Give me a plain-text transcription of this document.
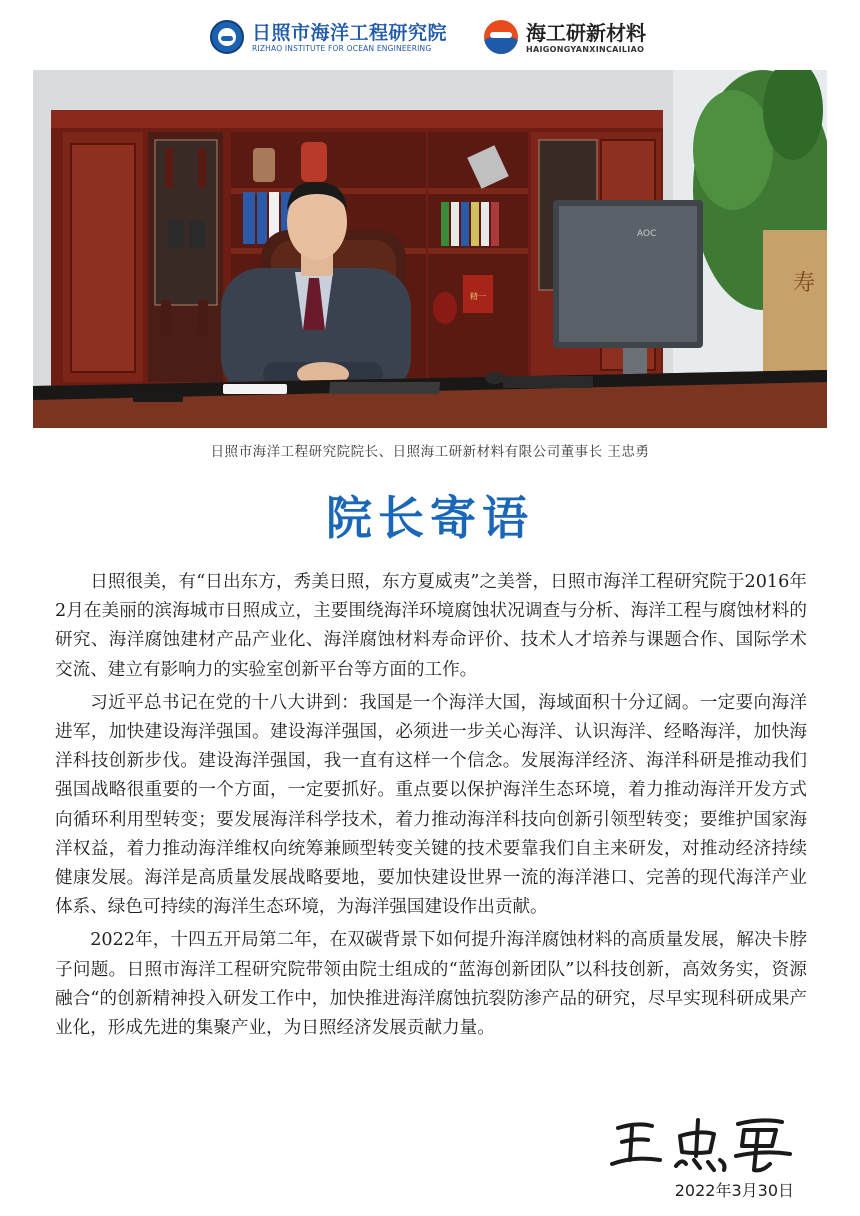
日照市海洋工程研究院
RIZHAO INSTITUTE FOR OCEAN ENGINEERING
海工研新材料
HAIGONGYANXINCAILIAO
精一
寿
AOC
日照市海洋工程研究院院长、日照海工研新材料有限公司董事长 王忠勇
院长寄语

日照很美，有“日出东方，秀美日照，东方夏威夷”之美誉，日照市海洋工程研究院于2016年2月在美丽的滨海城市日照成立，主要围绕海洋环境腐蚀状况调查与分析、海洋工程与腐蚀材料的研究、海洋腐蚀建材产品产业化、海洋腐蚀材料寿命评价、技术人才培养与课题合作、国际学术交流、建立有影响力的实验室创新平台等方面的工作。

习近平总书记在党的十八大讲到：我国是一个海洋大国，海域面积十分辽阔。一定要向海洋进军，加快建设海洋强国。建设海洋强国，必须进一步关心海洋、认识海洋、经略海洋，加快海洋科技创新步伐。建设海洋强国，我一直有这样一个信念。发展海洋经济、海洋科研是推动我们强国战略很重要的一个方面，一定要抓好。重点要以保护海洋生态环境，着力推动海洋开发方式向循环利用型转变；要发展海洋科学技术，着力推动海洋科技向创新引领型转变；要维护国家海洋权益，着力推动海洋维权向统筹兼顾型转变关键的技术要靠我们自主来研发，对推动经济持续健康发展。海洋是高质量发展战略要地，要加快建设世界一流的海洋港口、完善的现代海洋产业体系、绿色可持续的海洋生态环境，为海洋强国建设作出贡献。

2022年，十四五开局第二年，在双碳背景下如何提升海洋腐蚀材料的高质量发展，解决卡脖子问题。日照市海洋工程研究院带领由院士组成的“蓝海创新团队”以科技创新，高效务实，资源融合“的创新精神投入研发工作中，加快推进海洋腐蚀抗裂防渗产品的研究，尽早实现科研成果产业化，形成先进的集聚产业，为日照经济发展贡献力量。

2022年3月30日
